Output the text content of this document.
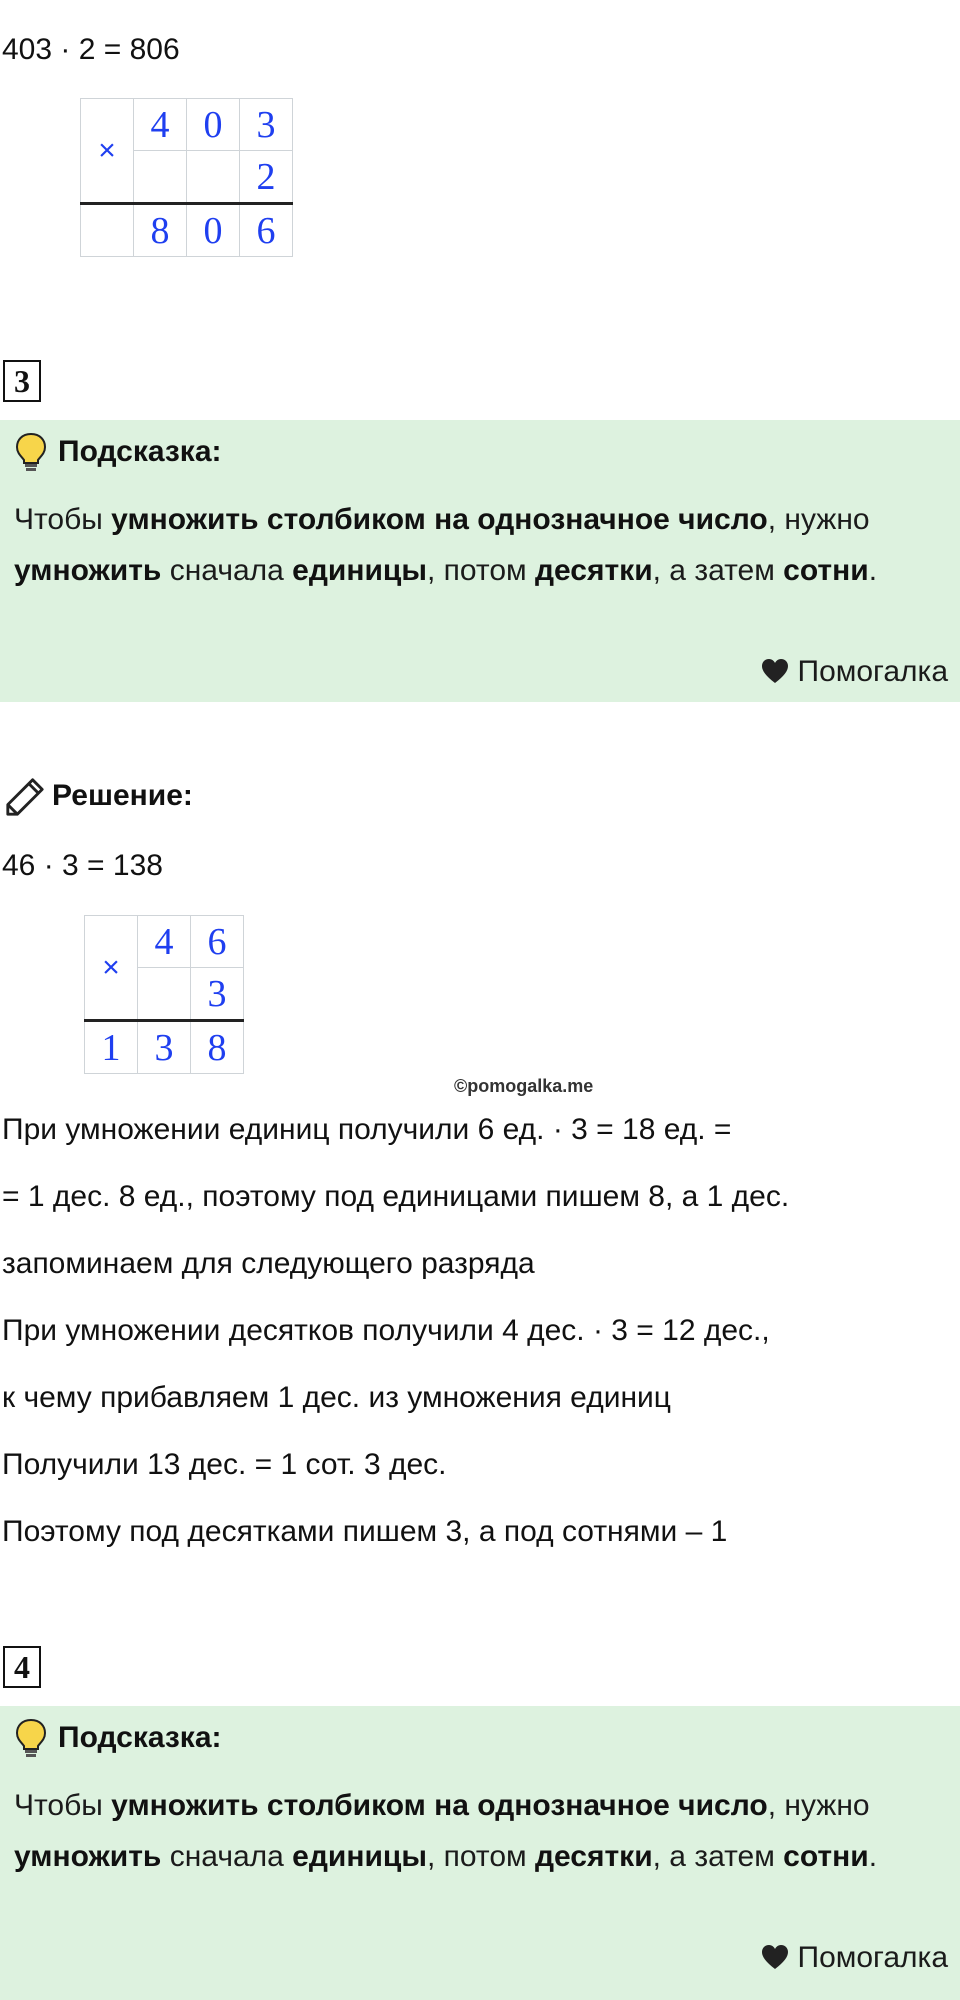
403 · 2 = 806
×	4	0	3
			2
	8	0	6
3
Подсказка:
Чтобы умножить столбиком на однозначное число, нужно умножить сначала единицы, потом десятки, а затем сотни.
Помогалка
Решение:
46 · 3 = 138
×	4	6
		3
1	3	8
©pomogalka.me
При умножении единиц получили 6 ед. · 3 = 18 ед. =
= 1 дес. 8 ед., поэтому под единицами пишем 8, а 1 дес.
запоминаем для следующего разряда
При умножении десятков получили 4 дес. · 3 = 12 дес.,
к чему прибавляем 1 дес. из умножения единиц
Получили 13 дес. = 1 сот. 3 дес.
Поэтому под десятками пишем 3, а под сотнями – 1
4
Подсказка:
Чтобы умножить столбиком на однозначное число, нужно умножить сначала единицы, потом десятки, а затем сотни.
Помогалка
